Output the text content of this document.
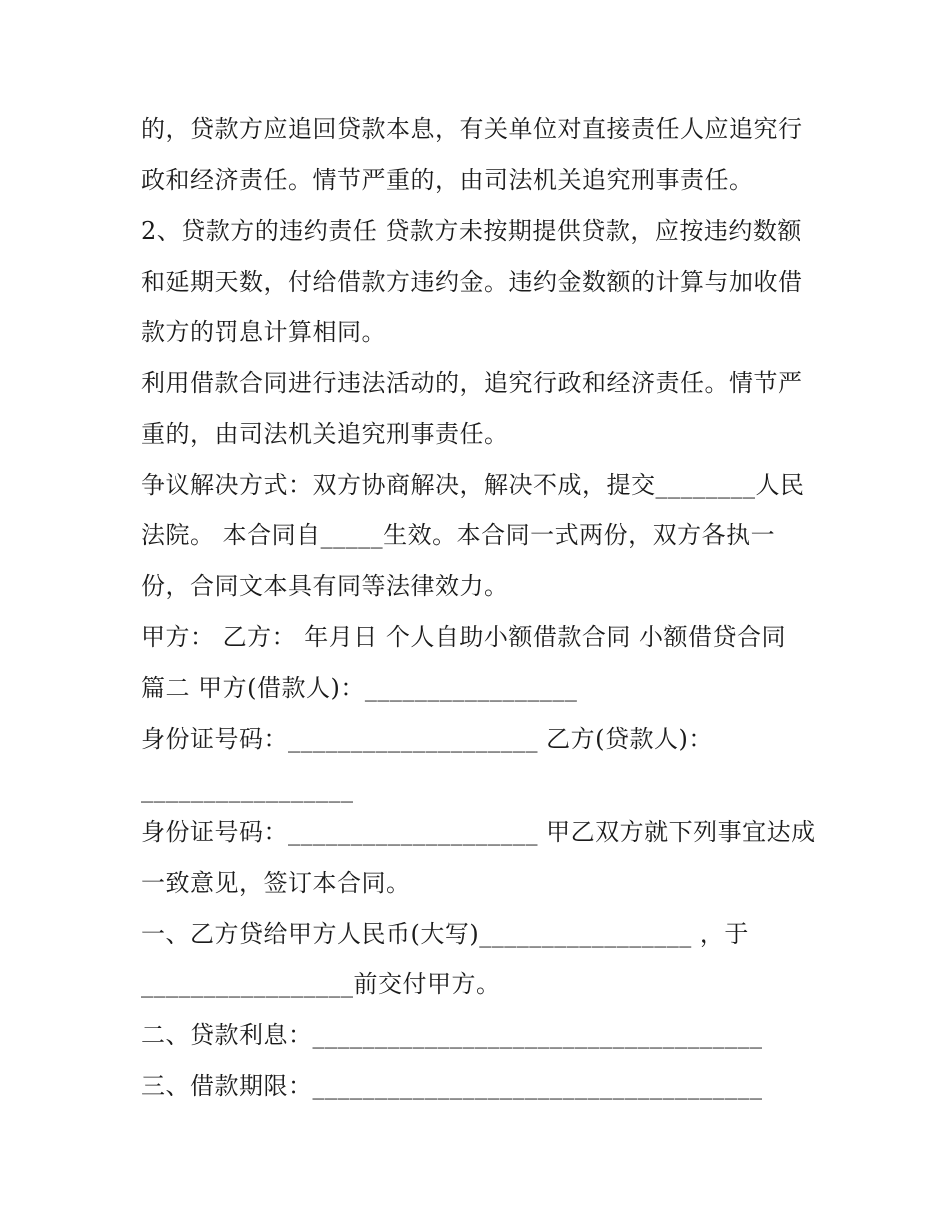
的，贷款方应追回贷款本息，有关单位对直接责任人应追究行
政和经济责任。情节严重的，由司法机关追究刑事责任。
2、贷款方的违约责任 贷款方未按期提供贷款，应按违约数额
和延期天数，付给借款方违约金。违约金数额的计算与加收借
款方的罚息计算相同。
利用借款合同进行违法活动的，追究行政和经济责任。情节严
重的，由司法机关追究刑事责任。
争议解决方式：双方协商解决，解决不成，提交________人民
法院。 本合同自_____生效。本合同一式两份，双方各执一
份，合同文本具有同等法律效力。
甲方： 乙方： 年月日 个人自助小额借款合同 小额借贷合同
篇二 甲方(借款人)：_________________
身份证号码：____________________ 乙方(贷款人)：
_________________
身份证号码：____________________ 甲乙双方就下列事宜达成
一致意见，签订本合同。
一、乙方贷给甲方人民币(大写)_________________ ，于
_________________前交付甲方。
二、贷款利息：____________________________________
三、借款期限：____________________________________
